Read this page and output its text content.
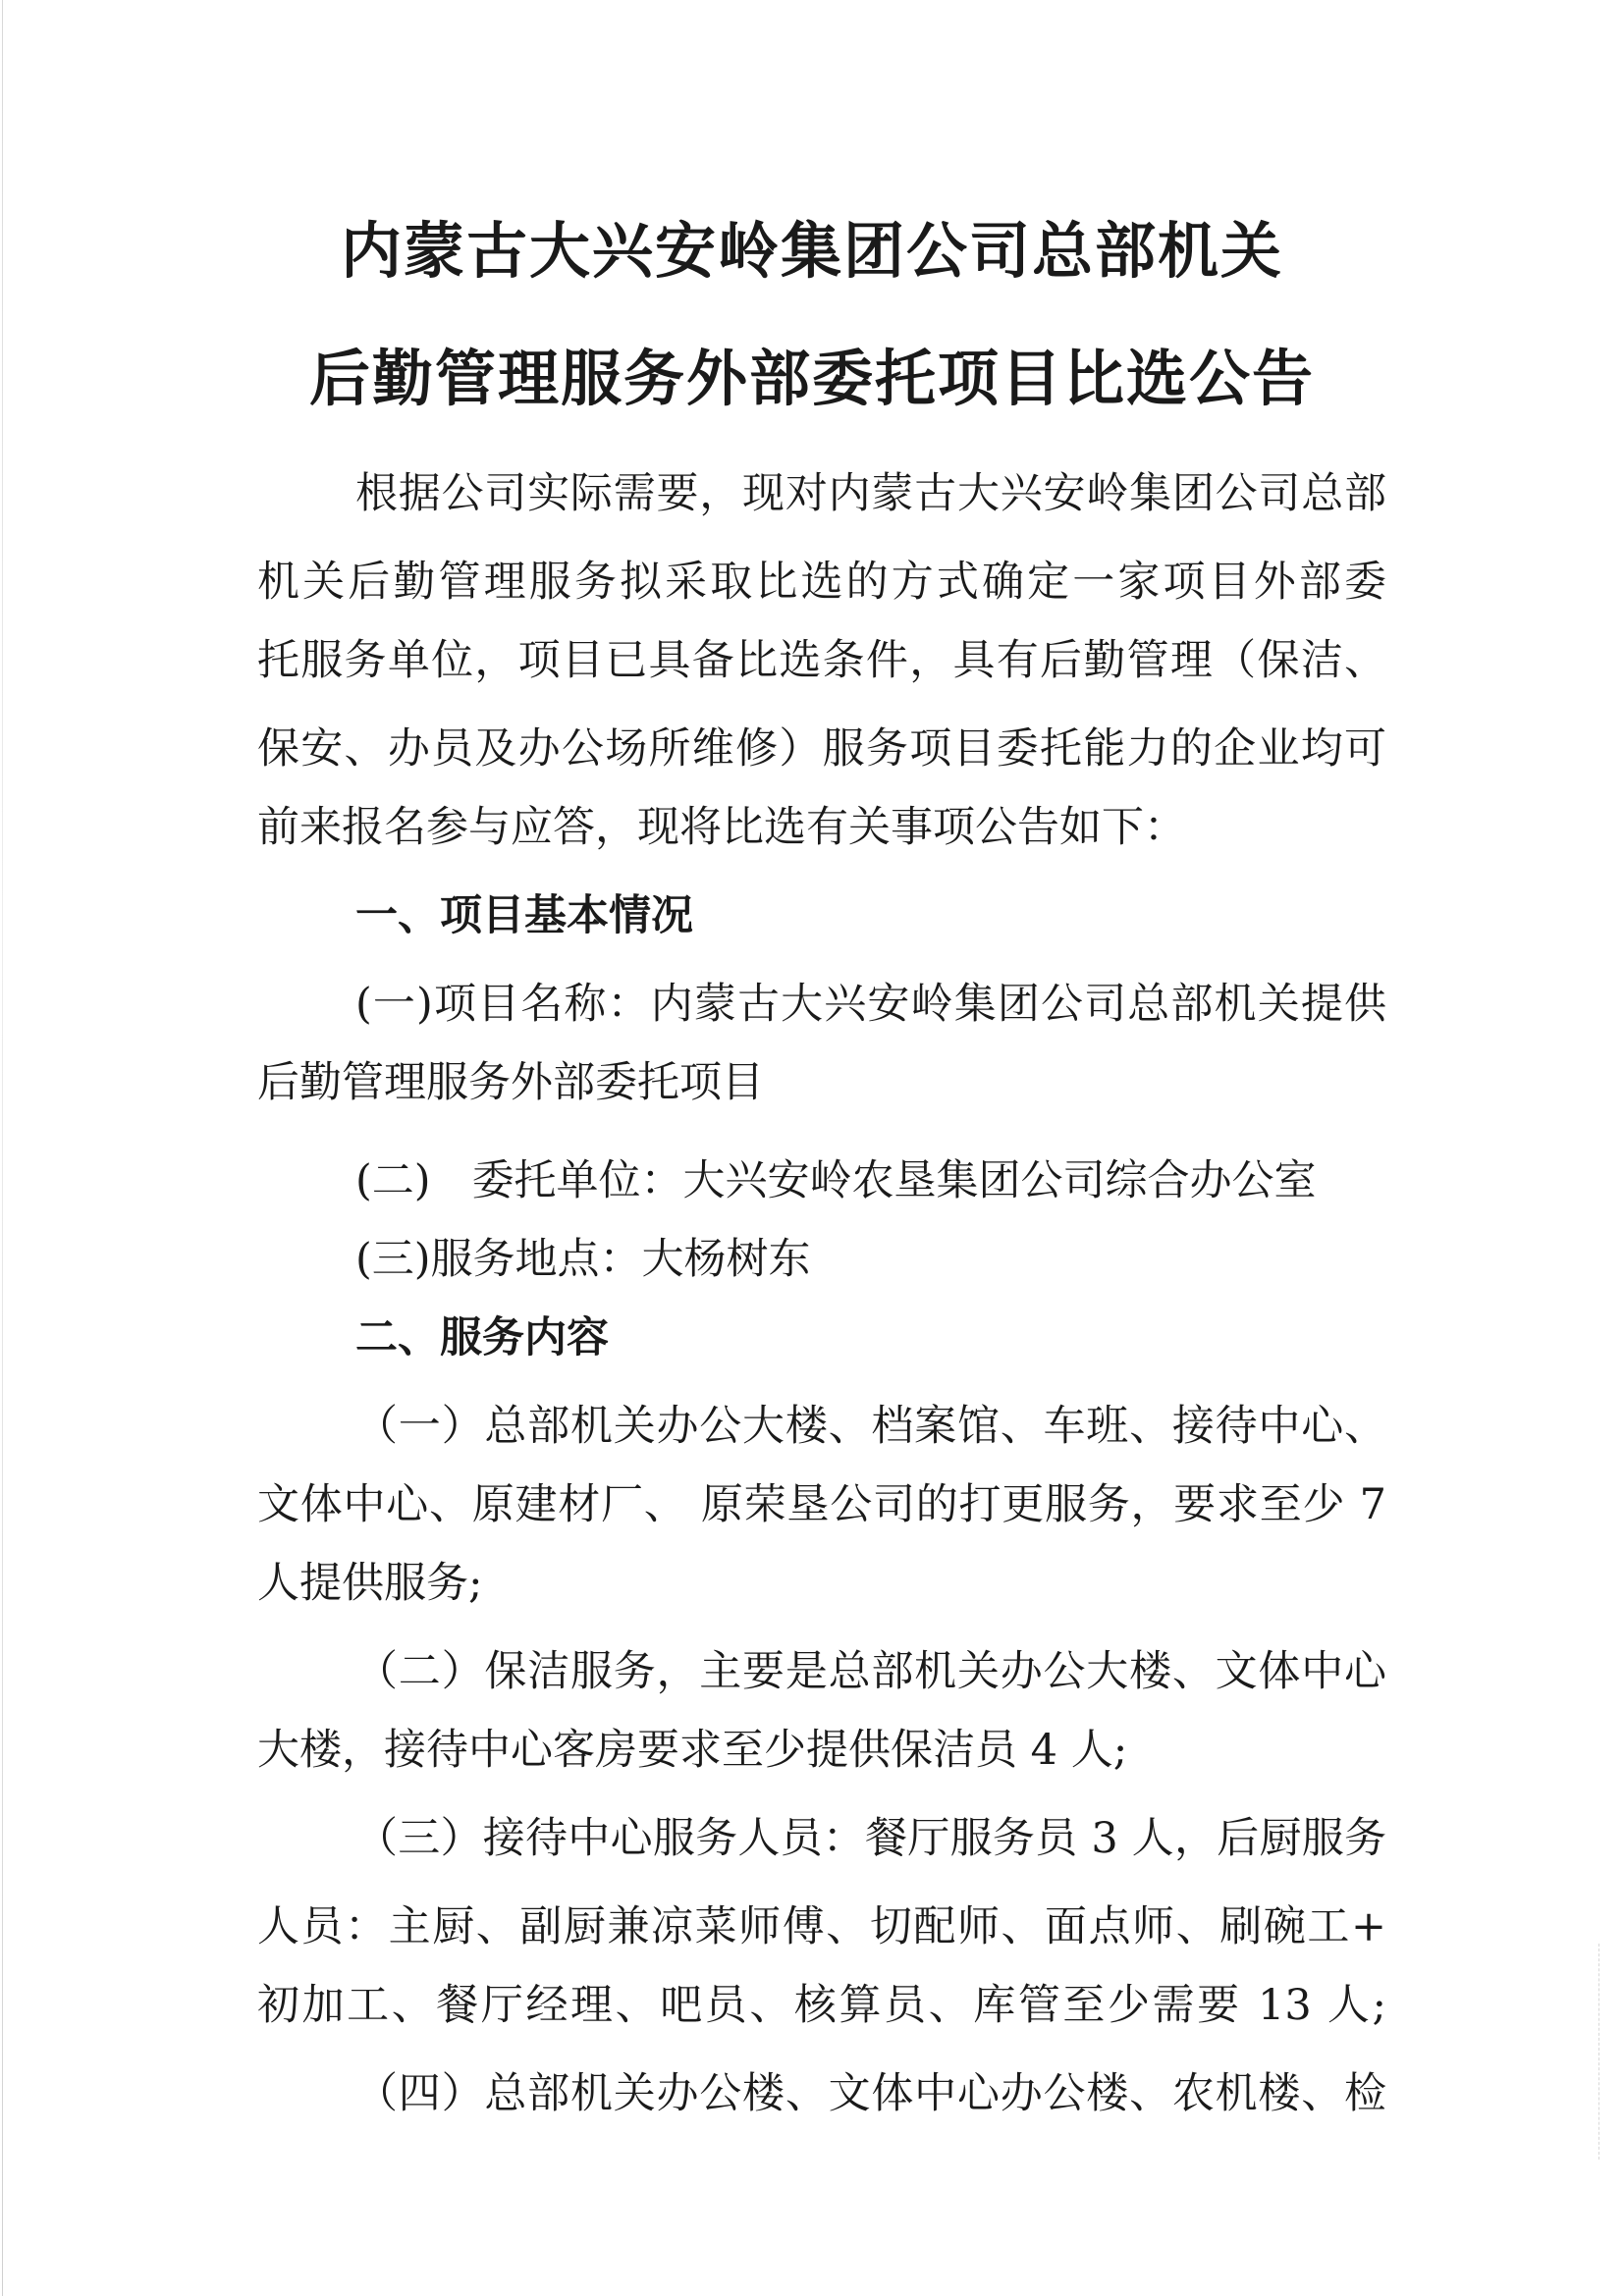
内蒙古大兴安岭集团公司总部机关
后勤管理服务外部委托项目比选公告

根据公司实际需要，现对内蒙古大兴安岭集团公司总部

机关后勤管理服务拟采取比选的方式确定一家项目外部委

托服务单位，项目已具备比选条件，具有后勤管理（保洁、

保安、办员及办公场所维修）服务项目委托能力的企业均可

前来报名参与应答，现将比选有关事项公告如下：

一、项目基本情况

(一)项目名称：内蒙古大兴安岭集团公司总部机关提供

后勤管理服务外部委托项目

(二) 委托单位：大兴安岭农垦集团公司综合办公室

(三)服务地点：大杨树东

二、服务内容

（一）总部机关办公大楼、档案馆、车班、接待中心、

文体中心、原建材厂、 原荣垦公司的打更服务，要求至少 7

人提供服务;

（二）保洁服务，主要是总部机关办公大楼、文体中心

大楼，接待中心客房要求至少提供保洁员 4 人;

（三）接待中心服务人员：餐厅服务员 3 人，后厨服务

人员：主厨、副厨兼凉菜师傅、切配师、面点师、刷碗工+

初加工、餐厅经理、吧员、核算员、库管至少需要 13 人;

（四）总部机关办公楼、文体中心办公楼、农机楼、检
